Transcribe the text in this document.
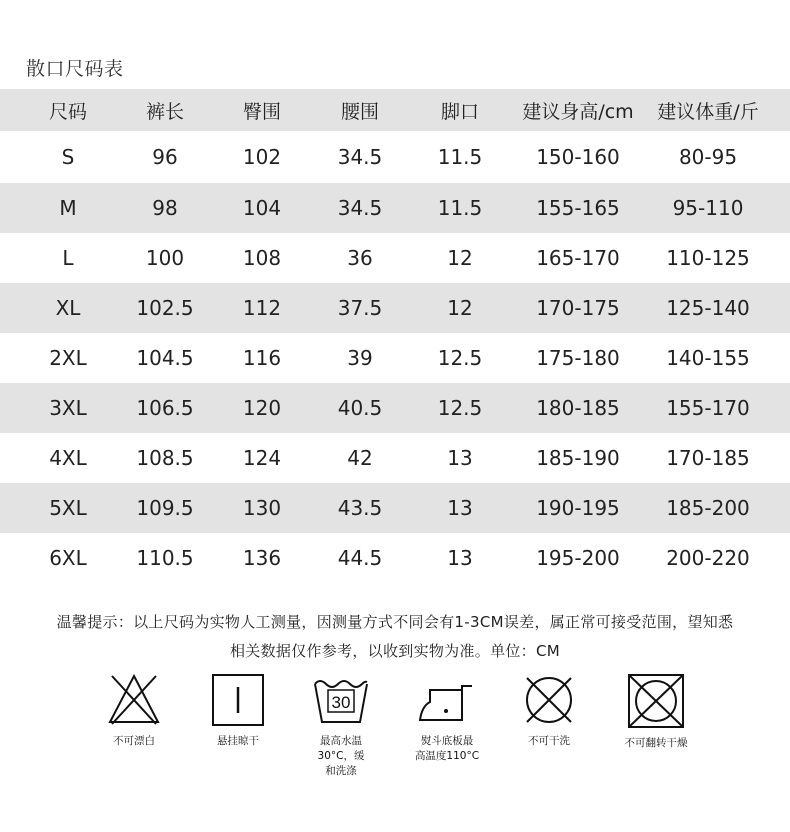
散口尺码表
尺码	裤长	臀围	腰围	脚口 建议身高/cm 建议体重/斤
S	96	102	34.5	11.5	150-160	80-95
M	98	104	34.5	11.5	155-165	95-110
L	100	108	36	12	165-170 110-125
XL	102.5 112	37.5	12	170-175 125-140
2XL 104.5 116	39	12.5	175-180 140-155
3XL 106.5 120	40.5	12.5	180-185 155-170
4XL 108.5 124	42	13	185-190 170-185
5XL 109.5 130	43.5	13	190-195 185-200
6XL 110.5 136	44.5	13	195-200 200-220
温馨提示：以上尺码为实物人工测量，因测量方式不同会有1-3CM误差，属正常可接受范围，望知悉
相关数据仅作参考，以收到实物为准。单位：CM
不可漂白	悬挂晾干
30
最高水温
30°C，缓
和洗涤
熨斗底板最
高温度110°C
不可干洗	不可翻转干燥
